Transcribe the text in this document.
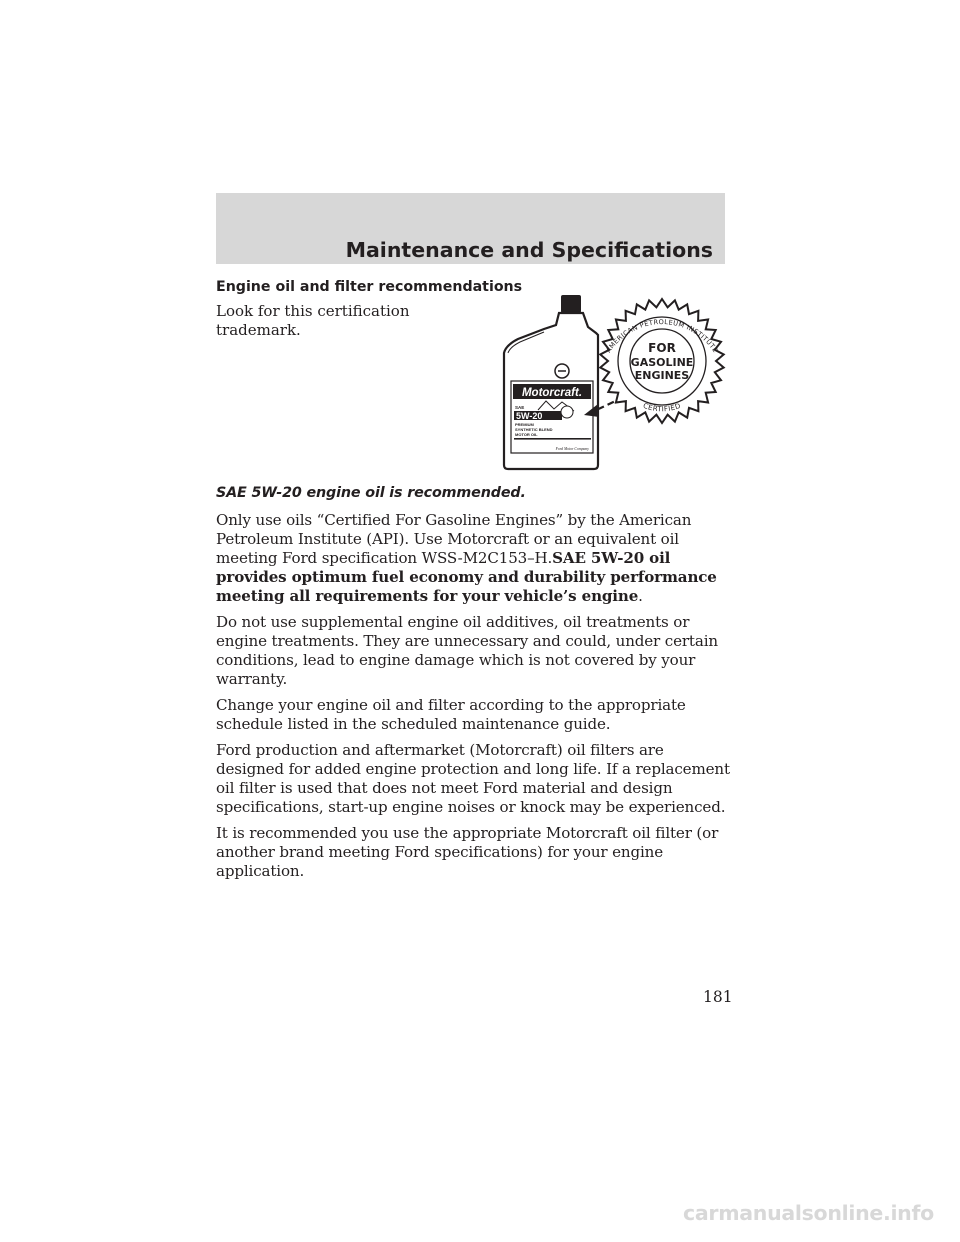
Maintenance and Specifications
Engine oil and filter recommendations
Look for this certification trademark.
Motorcraft.
SAE
5W-20
PREMIUM
SYNTHETIC BLEND
MOTOR OIL
Ford Motor Company
AMERICAN PETROLEUM INSTITUTE
FOR
GASOLINE
ENGINES
CERTIFIED

SAE 5W-20 engine oil is recommended.

Only use oils “Certified For Gasoline Engines” by the American Petroleum Institute (API). Use Motorcraft or an equivalent oil meeting Ford specification WSS-M2C153–H.SAE 5W-20 oil provides optimum fuel economy and durability performance meeting all requirements for your vehicle’s engine.

Do not use supplemental engine oil additives, oil treatments or engine treatments. They are unnecessary and could, under certain conditions, lead to engine damage which is not covered by your warranty.

Change your engine oil and filter according to the appropriate schedule listed in the scheduled maintenance guide.

Ford production and aftermarket (Motorcraft) oil filters are designed for added engine protection and long life. If a replacement oil filter is used that does not meet Ford material and design specifications, start-up engine noises or knock may be experienced.

It is recommended you use the appropriate Motorcraft oil filter (or another brand meeting Ford specifications) for your engine application.

181
carmanualsonline.info
